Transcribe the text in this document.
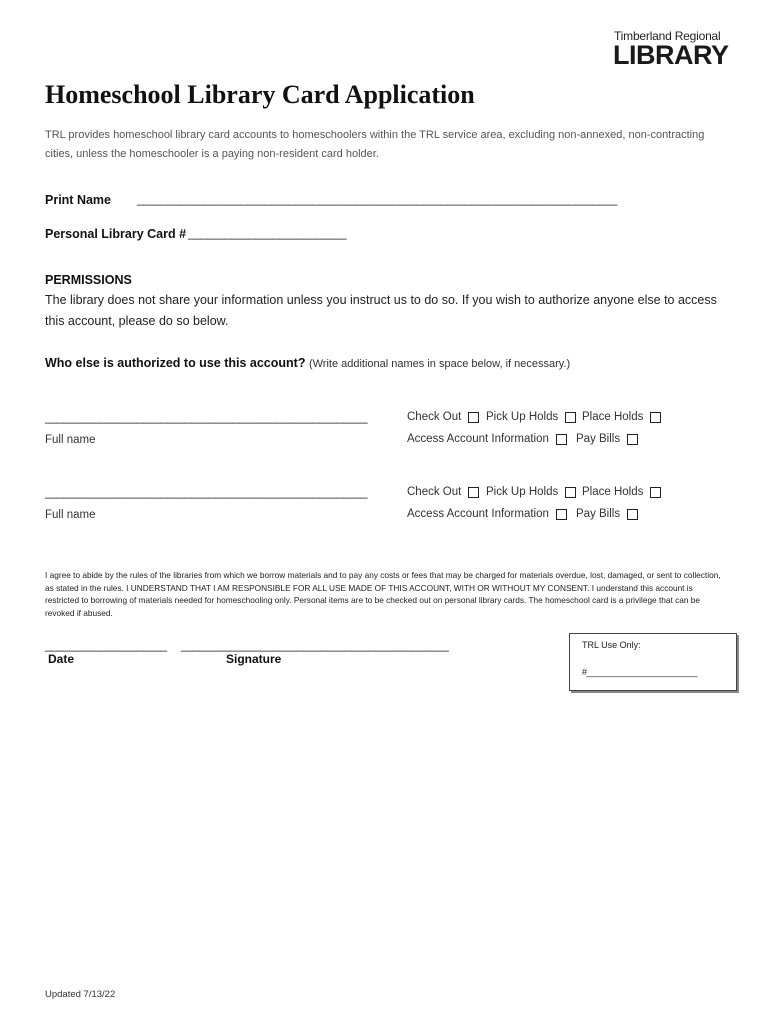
Timberland Regional
LIBRARY
Homeschool Library Card Application
TRL provides homeschool library card accounts to homeschoolers within the TRL service area, excluding non-annexed, non-contracting cities, unless the homeschooler is a paying non-resident card holder.
Print Name _______________________________________________________________________________
Personal Library Card # __________________________
PERMISSIONS
The library does not share your information unless you instruct us to do so. If you wish to authorize anyone else to access this account, please do so below.
Who else is authorized to use this account? (Write additional names in space below, if necessary.)
_____________________________________________________
Full name
Check Out Pick Up Holds Place Holds
Access Account Information Pay Bills
_____________________________________________________
Full name
Check Out Pick Up Holds Place Holds
Access Account Information Pay Bills
I agree to abide by the rules of the libraries from which we borrow materials and to pay any costs or fees that may be charged for materials overdue, lost, damaged, or sent to collection, as stated in the rules. I UNDERSTAND THAT I AM RESPONSIBLE FOR ALL USE MADE OF THIS ACCOUNT, WITH OR WITHOUT MY CONSENT. I understand this account is restricted to borrowing of materials needed for homeschooling only. Personal items are to be checked out on personal library cards. The homeschool card is a privilege that can be revoked if abused.
____________________
Date
____________________________________________
Signature
TRL Use Only:
#________________________
Updated 7/13/22
